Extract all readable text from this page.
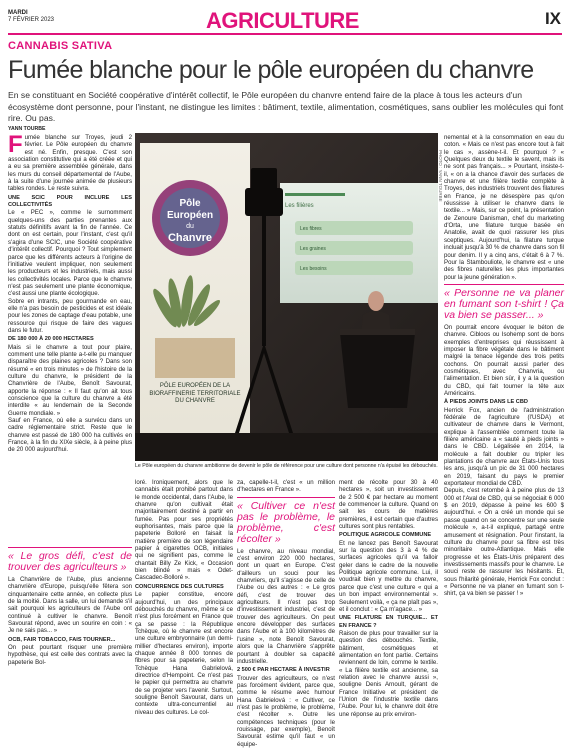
MARDI
7 FÉVRIER 2023	AGRICULTURE	IX
CANNABIS SATIVA
Fumée blanche pour le pôle européen du chanvre
En se constituant en Société coopérative d'intérêt collectif, le Pôle européen du chanvre entend faire de la place à tous les acteurs d'un écosystème dont personne, pour l'instant, ne distingue les limites : bâtiment, textile, alimentation, cosmétiques, sans oublier les molécules qui font rire. Ou pas.
YANN TOURBE

Fumée blanche sur Troyes, jeudi 2 février. Le Pôle européen du chanvre est né. Enfin, presque. C'est son association constitutive qui a été créée et qui a eu sa première assemblée générale, dans les murs du conseil départemental de l'Aube, à la suite d'une journée animée de plusieurs tables rondes. Le reste suivra.

UNE SCIC POUR INCLURE LES COLLECTIVITÉS

Le « PEC », comme le surnomment quelques-uns des parties prenantes aux statuts définitifs avant la fin de l'année. Ce dont on est certain, pour l'instant, c'est qu'il s'agira d'une SCIC, une Société coopérative d'intérêt collectif. Pourquoi ? Tout simplement parce que les différents acteurs à l'origine de l'initiative veulent impliquer, non seulement les producteurs et les industriels, mais aussi les collectivités locales. Parce que le chanvre n'est pas seulement une plante économique, c'est aussi une plante écologique.

Sobre en intrants, peu gourmande en eau, elle n'a pas besoin de pesticides et est idéale pour les zones de captage d'eau potable, une ressource qui risque de faire des vagues dans le futur.

DE 180 000 À 20 000 HECTARES

Mais si le chanvre a tout pour plaire, comment une telle plante a-t-elle pu manquer disparaître des plaines agricoles ? Dans son résumé « en trois minutes » de l'histoire de la culture du chanvre, le président de la Chanvrière de l'Aube, Benoît Savourat, apporte la réponse : « Il faut qu'on ait tous conscience que la culture du chanvre a été interdite « au lendemain de la Seconde Guerre mondiale. »

Sauf en France, où elle a survécu dans un cadre réglementaire strict. Reste que le chanvre est passé de 180 000 ha cultivés en France, à la fin du XIXe siècle, à à peine plus de 20 000 aujourd'hui.

« Le gros défi, c'est de trouver des agriculteurs »

La Chanvrière de l'Aube, plus ancienne chanvrière d'Europe, puisqu'elle fêtera son cinquantenaire cette année, en collecte plus de la moitié. Dans la salle, un lui demande s'il sait pourquoi les agriculteurs de l'Aube ont continué à cultiver le chanvre. Benoît Savourat répond, avec un sourire en coin : « Je ne sais pas... »

OCB, FAIR TOBACCO, FAIS TOURNER...

On peut pourtant risquer une première hypothèse, qui est celle des contrats avec la papeterie Bol-

Les filières
Les fibres
Les graines
Les besoins
Pôle
Européen
du
Chanvre
PÔLE EUROPÉEN DE LA BIORAFFINERIE TERRITORIALE DU CHANVRE
PHOTO : YANN TOURBE
Le Pôle européen du chanvre ambitionne de devenir le pôle de référence pour une culture dont personne n'a épuisé les débouchés.

loré. Ironiquement, alors que le cannabis était prohibé partout dans le monde occidental, dans l'Aube, le chanvre qu'on cultivait était majoritairement destiné à partir en fumée. Pas pour ses propriétés euphorisantes, mais parce que la papeterie Bolloré en faisait la matière première de son légendaire papier à cigarettes OCB, initiales qui ne signifient pas, comme le chantait Billy Ze Kick, « Occasion bien blindé » mais « Odet-Cascadec-Bolloré ».

CONCURRENCE DES CULTURES

Le papier constitue, encore aujourd'hui, un des principaux débouchés du chanvre, même si ce n'est plus forcément en France que ça se passe : la République Tchèque, où le chanvre est encore une culture embryonnaire (un demi-millier d'hectares environ), importe chaque année 8 000 tonnes de fibres pour sa papeterie, selon la Tchèque Hana Gabrielová, directrice d'Hempoint. Ce n'est pas le papier qui permettra au chanvre de se projeter vers l'avenir. Surtout, souligne Benoît Savourat, dans un contexte ultra-concurrentiel au niveau des cultures. Le col-

za, capelle-t-il, c'est « un million d'hectares en France ».

« Cultiver ce n'est pas le problème, le problème, c'est récolter »

Le chanvre, au niveau mondial, c'est environ 220 000 hectares, dont un quart en Europe. C'est d'ailleurs un souci pour les chanvriers, qu'il s'agisse de celle de l'Aube ou des autres : « Le gros défi, c'est de trouver des agriculteurs. Il n'est pas trop d'investissement industriel, c'est de trouver des agriculteurs. On peut encore développer des surfaces dans l'Aube et à 100 kilomètres de l'usine », note Benoît Savourat, alors que la Chanvrière s'apprête pourtant à doubler sa capacité industrielle.

2 500 € PAR HECTARE À INVESTIR

Trouver des agriculteurs, ce n'est pas forcément évident, parce que, comme le résume avec humour Hana Gabrielová : « Cultiver, ce n'est pas le problème, le problème, c'est récolter ». Outre les compétences techniques (pour le rouissage, par exemple), Benoît Savourat estime qu'il faut « un équipe-

ment de récolte pour 30 à 40 hectares », soit un investissement de 2 500 € par hectare au moment de commencer la culture. Quand on sait les cours de matières premières, il est certain que d'autres cultures sont plus rentables.

POLITIQUE AGRICOLE COMMUNE

Et ne lancez pas Benoît Savourat sur la question des 3 à 4 % de surfaces agricoles qu'il va falloir geler dans le cadre de la nouvelle Politique agricole commune. Lui, il voudrait bien y mettre du chanvre, parce que c'est une culture « qui a un bon impact environnemental ». Seulement voilà, « ça ne plaît pas », et il conclut : « Ça m'agace... »

UNE FILATURE EN TURQUIE... ET EN FRANCE ?

Raison de plus pour travailler sur la question des débouchés. Textile, bâtiment, cosmétiques et alimentation en font partie. Certains reviennent de loin, comme le textile. « La filière textile est ancienne, sa relation avec le chanvre aussi », souligne Denis Arnoult, gérant de France Initiative et président de l'Union de l'industrie textile dans l'Aube. Pour lui, le chanvre doit être une réponse au prix environ-

nemental et à la consommation en eau du coton. « Mais ce n'est pas encore tout à fait le cas », assène-t-il. Et pourquoi ? « Quelques deux du textile le savent, mais ils ne sont pas français... » Pourtant, insiste-t-il, « on a la chance d'avoir des surfaces de chanvre et une filière textile complète à Troyes, des industriels trouvent des filatures en France, je ne désespère pas qu'on réussisse à utiliser le chanvre dans le textile... » Mais, sur ce point, la présentation de Zenoure Danisman, chef du marketing d'Orta, une filature turque basée en Anatolie, avait de quoi rassurer les plus sceptiques. Aujourd'hui, la filature turque incluait jusqu'à 30 % de chanvre dans son fil pour denim. Il y a cinq ans, c'était 6 à 7 %. Pour la Stambouliote, le chanvre est « une des fibres naturelles les plus importantes pour la jeune génération ».

« Personne ne va planer en fumant son t-shirt ! Ça va bien se passer... »

On pourrait encore évoquer le béton de chanvre. Cibloos ou Isohemp sont de bons exemples d'entreprises qui réussissent à imposer la fibre végétale dans le bâtiment malgré la tenace légende des trois petits cochons. On pourrait aussi parler des cosmétiques, avec Chanvria, ou l'alimentation. Et bien sûr, il y a la question du CBD, qui fait tourner la tête aux Américains.

À PIEDS JOINTS DANS LE CBD

Herrick Fox, ancien de l'administration fédérale de l'agriculture (l'USDA) et cultivateur de chanvre dans le Vermont, explique à l'assemblée comment toute la filière américaine a « sauté à pieds joints » dans le CBD. Légalisée en 2014, la molécule a fait doubler ou tripler les plantations de chanvre aux États-Unis tous les ans, jusqu'à un pic de 31 000 hectares en 2019, faisant du pays le premier exportateur mondial de CBD.

Depuis, c'est retombé à à peine plus de 13 000 et l'Aval de CBD, qui se négociait 6 000 $ en 2019, dépasse à peine les 600 $ aujourd'hui. « On a créé un monde qui se passe quand on se concentre sur une seule molécule », a-t-il expliqué, partagé entre amusement et résignation. Pour l'instant, la culture du chanvre pour sa fibre est très minoritaire outre-Atlantique. Mais elle progresse et les États-Unis préparent des investissements massifs pour le chanvre. Le souci reste de rassurer les hésitants. Et, sous l'hilarité générale, Herrick Fox conclut : « Personne ne va planer en fumant son t-shirt, ça va bien se passer ! »
